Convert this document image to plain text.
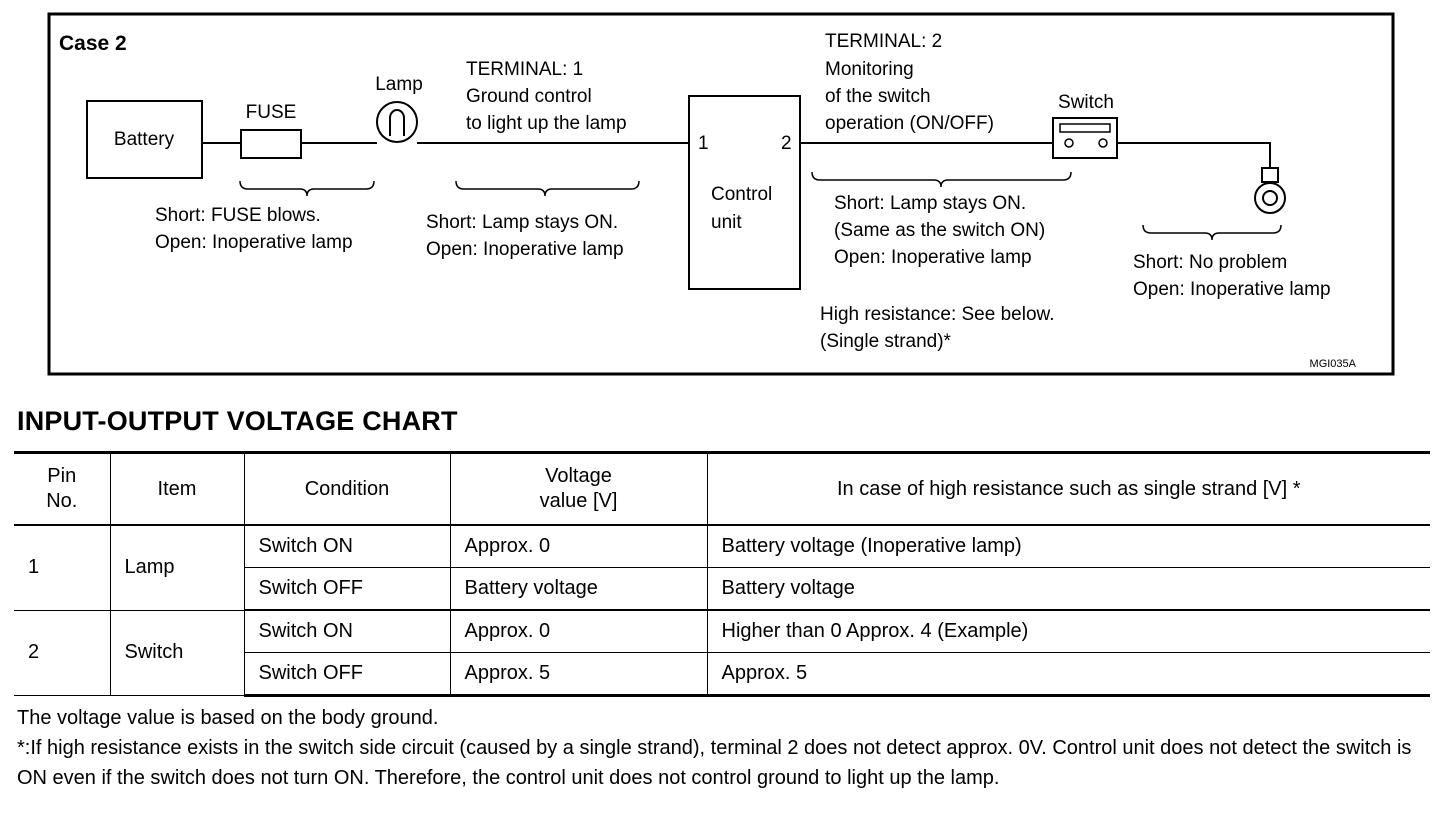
Case 2
Battery
FUSE
Lamp
TERMINAL: 1
Ground control
to light up the lamp
1	2
Control
unit
TERMINAL: 2
Monitoring
of the switch
operation (ON/OFF)
Switch
Short: FUSE blows.
Open: Inoperative lamp
Short: Lamp stays ON.
Open: Inoperative lamp
Short: Lamp stays ON.
(Same as the switch ON)
Open: Inoperative lamp
High resistance: See below.
(Single strand)*
Short: No problem
Open: Inoperative lamp
MGI035A
INPUT-OUTPUT VOLTAGE CHART
Pin
No.	Item	Condition	Voltage
value [V]	In case of high resistance such as single strand [V] *
1	Lamp	Switch ON	Approx. 0	Battery voltage (Inoperative lamp)
		Switch OFF	Battery voltage	Battery voltage
2	Switch	Switch ON	Approx. 0	Higher than 0 Approx. 4 (Example)
		Switch OFF	Approx. 5	Approx. 5

The voltage value is based on the body ground.

*:If high resistance exists in the switch side circuit (caused by a single strand), terminal 2 does not detect approx. 0V. Control unit does not detect the switch is ON even if the switch does not turn ON. Therefore, the control unit does not control ground to light up the lamp.
